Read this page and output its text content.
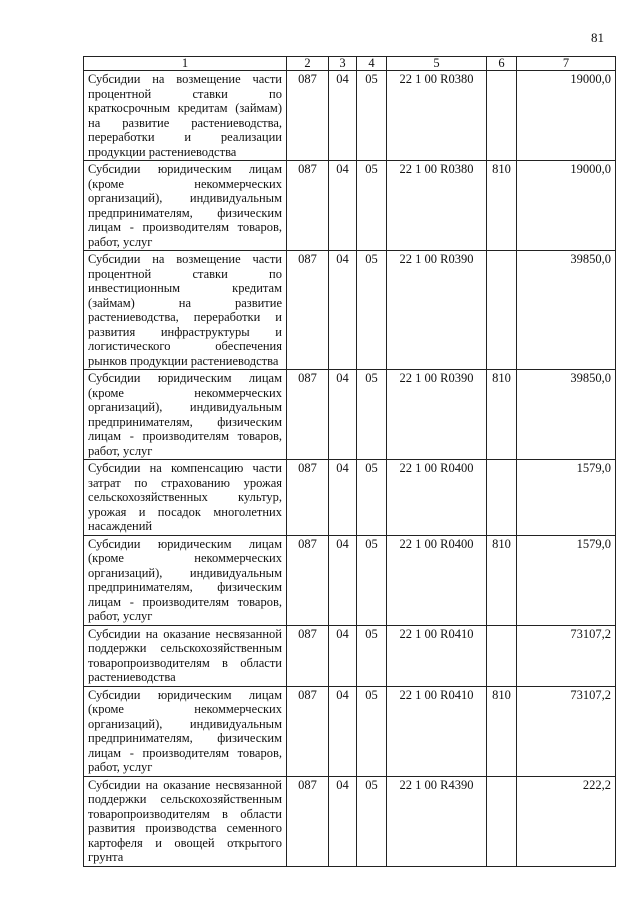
81
1	2	3	4	5	6	7
Субсидии на возмещение части процентной ставки по краткосрочным кредитам (займам) на развитие растениеводства, переработки и реализации продукции растениеводства	087	04	05	22 1 00 R0380		19000,0
Субсидии юридическим лицам (кроме некоммерческих организаций), индивидуальным предпринимателям, физическим лицам - производителям товаров, работ, услуг	087	04	05	22 1 00 R0380	810	19000,0
Субсидии на возмещение части процентной ставки по инвестиционным кредитам (займам) на развитие растениеводства, переработки и развития инфраструктуры и логистического обеспечения рынков продукции растениеводства	087	04	05	22 1 00 R0390		39850,0
Субсидии юридическим лицам (кроме некоммерческих организаций), индивидуальным предпринимателям, физическим лицам - производителям товаров, работ, услуг	087	04	05	22 1 00 R0390	810	39850,0
Субсидии на компенсацию части затрат по страхованию урожая сельскохозяйственных культур, урожая и посадок многолетних насаждений	087	04	05	22 1 00 R0400		1579,0
Субсидии юридическим лицам (кроме некоммерческих организаций), индивидуальным предпринимателям, физическим лицам - производителям товаров, работ, услуг	087	04	05	22 1 00 R0400	810	1579,0
Субсидии на оказание несвязанной поддержки сельскохозяйственным товаропроизводителям в области растениеводства	087	04	05	22 1 00 R0410		73107,2
Субсидии юридическим лицам (кроме некоммерческих организаций), индивидуальным предпринимателям, физическим лицам - производителям товаров, работ, услуг	087	04	05	22 1 00 R0410	810	73107,2
Субсидии на оказание несвязанной поддержки сельскохозяйственным товаропроизводителям в области развития производства семенного картофеля и овощей открытого грунта	087	04	05	22 1 00 R4390		222,2
